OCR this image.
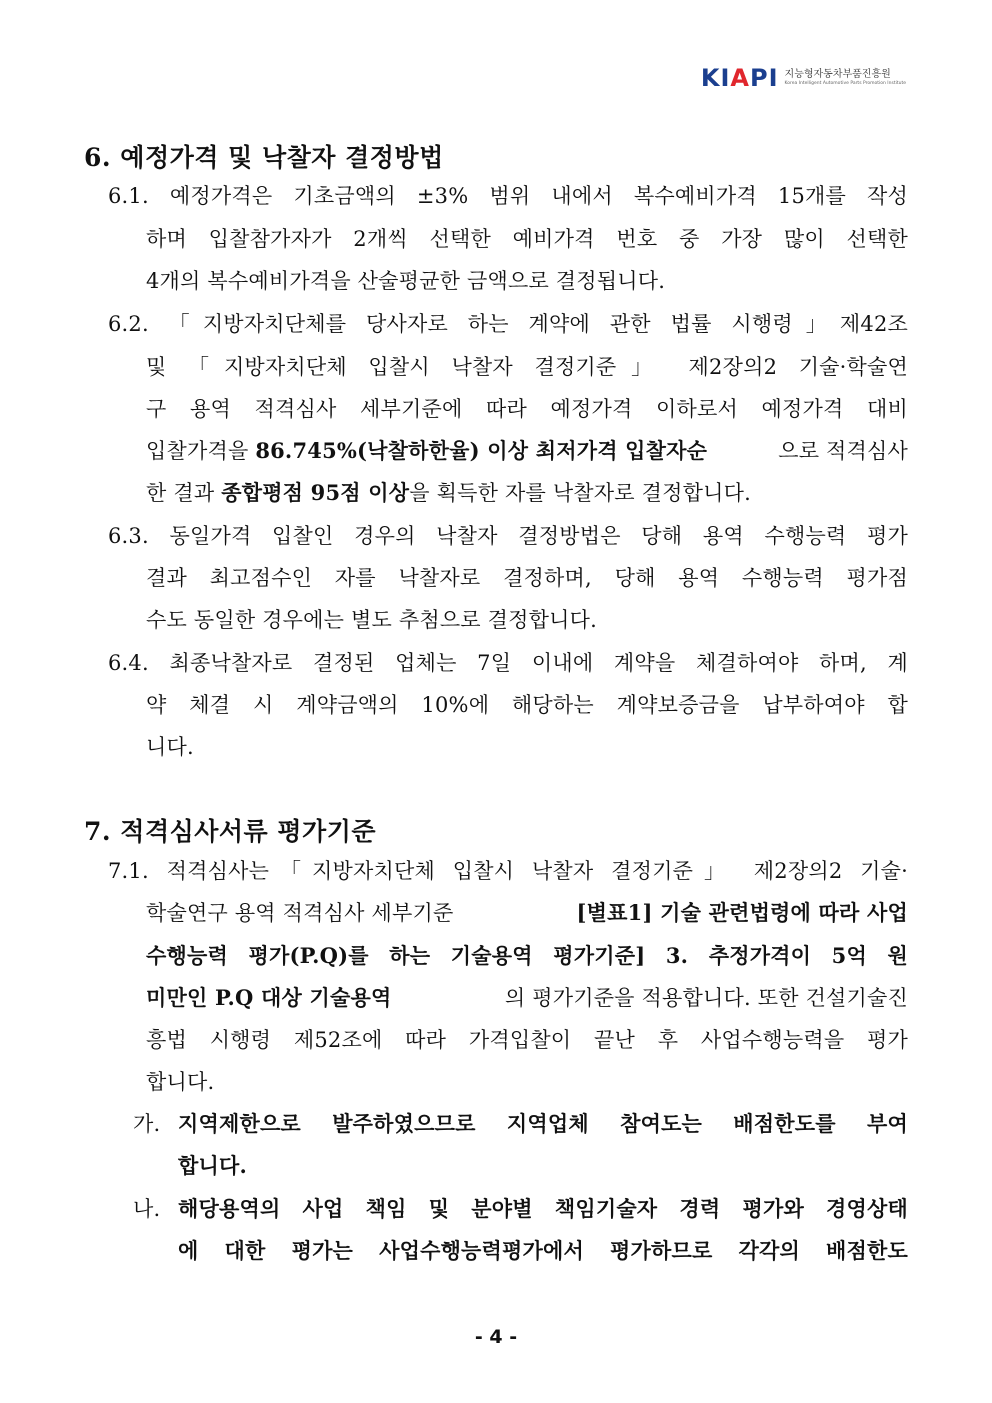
KIAPI 지능형자동차부품진흥원
Korea Intelligent Automotive Parts Promotion Institute
6. 예정가격 및 낙찰자 결정방법
6.1. 예정가격은 기초금액의 ±3% 범위 내에서 복수예비가격 15개를 작성
하며 입찰참가자가 2개씩 선택한 예비가격 번호 중 가장 많이 선택한
4개의 복수예비가격을 산술평균한 금액으로 결정됩니다.
6.2. 「지방자치단체를 당사자로 하는 계약에 관한 법률 시행령」제42조
및 「지방자치단체 입찰시 낙찰자 결정기준」 제2장의2 기술·학술연
구 용역 적격심사 세부기준에 따라 예정가격 이하로서 예정가격 대비
입찰가격을 86.745%(낙찰하한율) 이상 최저가격 입찰자순	으로 적격심사
한 결과 종합평점 95점 이상을 획득한 자를 낙찰자로 결정합니다.
6.3. 동일가격 입찰인 경우의 낙찰자 결정방법은 당해 용역 수행능력 평가
결과 최고점수인 자를 낙찰자로 결정하며, 당해 용역 수행능력 평가점
수도 동일한 경우에는 별도 추첨으로 결정합니다.
6.4. 최종낙찰자로 결정된 업체는 7일 이내에 계약을 체결하여야 하며, 계
약 체결 시 계약금액의 10%에 해당하는 계약보증금을 납부하여야 합
니다.
7. 적격심사서류 평가기준
7.1. 적격심사는「지방자치단체 입찰시 낙찰자 결정기준」 제2장의2 기술·
학술연구 용역 적격심사 세부기준	[별표1] 기술 관련법령에 따라 사업
수행능력 평가(P.Q)를 하는 기술용역 평가기준] 3. 추정가격이 5억 원
미만인 P.Q 대상 기술용역	의 평가기준을 적용합니다. 또한 건설기술진
흥법 시행령 제52조에 따라 가격입찰이 끝난 후 사업수행능력을 평가
합니다.
가. 지역제한으로 발주하였으므로 지역업체 참여도는 배점한도를 부여
합니다.
나. 해당용역의 사업 책임 및 분야별 책임기술자 경력 평가와 경영상태
에 대한 평가는 사업수행능력평가에서 평가하므로 각각의 배점한도
- 4 -
